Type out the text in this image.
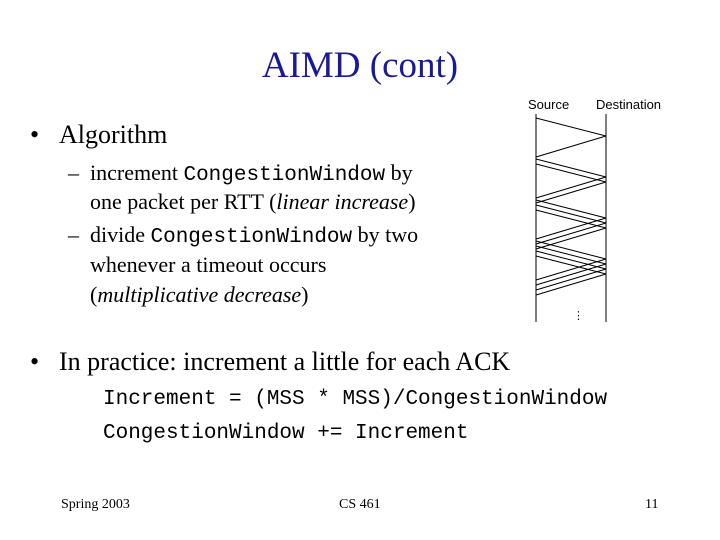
AIMD (cont)
• Algorithm
– increment CongestionWindow by
one packet per RTT (linear increase)
– divide CongestionWindow by two
whenever a timeout occurs
(multiplicative decrease)
• In practice: increment a little for each ACK
Increment = (MSS * MSS)/CongestionWindow
CongestionWindow += Increment
Source Destination
⋮
Spring 2003	CS 461	11
